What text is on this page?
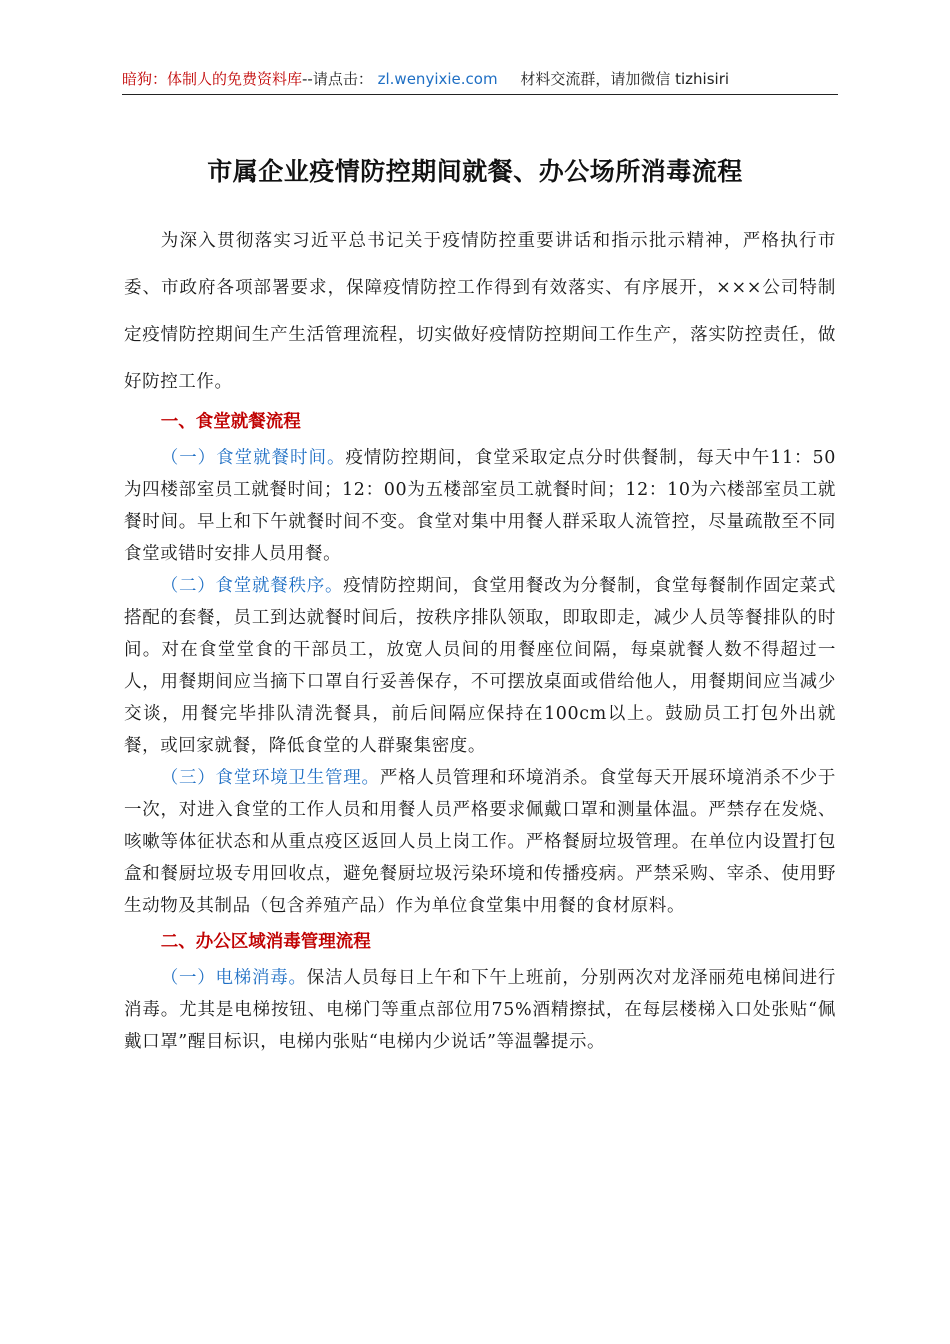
暗狗：体制人的免费资料库--请点击： zl.wenyixie.com 材料交流群，请加微信 tizhisiri
市属企业疫情防控期间就餐、办公场所消毒流程

为深入贯彻落实习近平总书记关于疫情防控重要讲话和指示批示精神，严格执行市委、市政府各项部署要求，保障疫情防控工作得到有效落实、有序展开，×××公司特制定疫情防控期间生产生活管理流程，切实做好疫情防控期间工作生产，落实防控责任，做好防控工作。

一、食堂就餐流程

（一）食堂就餐时间。疫情防控期间，食堂采取定点分时供餐制，每天中午11：50为四楼部室员工就餐时间；12：00为五楼部室员工就餐时间；12：10为六楼部室员工就餐时间。早上和下午就餐时间不变。食堂对集中用餐人群采取人流管控，尽量疏散至不同食堂或错时安排人员用餐。

（二）食堂就餐秩序。疫情防控期间，食堂用餐改为分餐制，食堂每餐制作固定菜式搭配的套餐，员工到达就餐时间后，按秩序排队领取，即取即走，减少人员等餐排队的时间。对在食堂堂食的干部员工，放宽人员间的用餐座位间隔，每桌就餐人数不得超过一人，用餐期间应当摘下口罩自行妥善保存，不可摆放桌面或借给他人，用餐期间应当减少交谈，用餐完毕排队清洗餐具，前后间隔应保持在100cm以上。鼓励员工打包外出就餐，或回家就餐，降低食堂的人群聚集密度。

（三）食堂环境卫生管理。严格人员管理和环境消杀。食堂每天开展环境消杀不少于一次，对进入食堂的工作人员和用餐人员严格要求佩戴口罩和测量体温。严禁存在发烧、咳嗽等体征状态和从重点疫区返回人员上岗工作。严格餐厨垃圾管理。在单位内设置打包盒和餐厨垃圾专用回收点，避免餐厨垃圾污染环境和传播疫病。严禁采购、宰杀、使用野生动物及其制品（包含养殖产品）作为单位食堂集中用餐的食材原料。

二、办公区域消毒管理流程

（一）电梯消毒。保洁人员每日上午和下午上班前，分别两次对龙泽丽苑电梯间进行消毒。尤其是电梯按钮、电梯门等重点部位用75%酒精擦拭，在每层楼梯入口处张贴“佩戴口罩”醒目标识，电梯内张贴“电梯内少说话”等温馨提示。
